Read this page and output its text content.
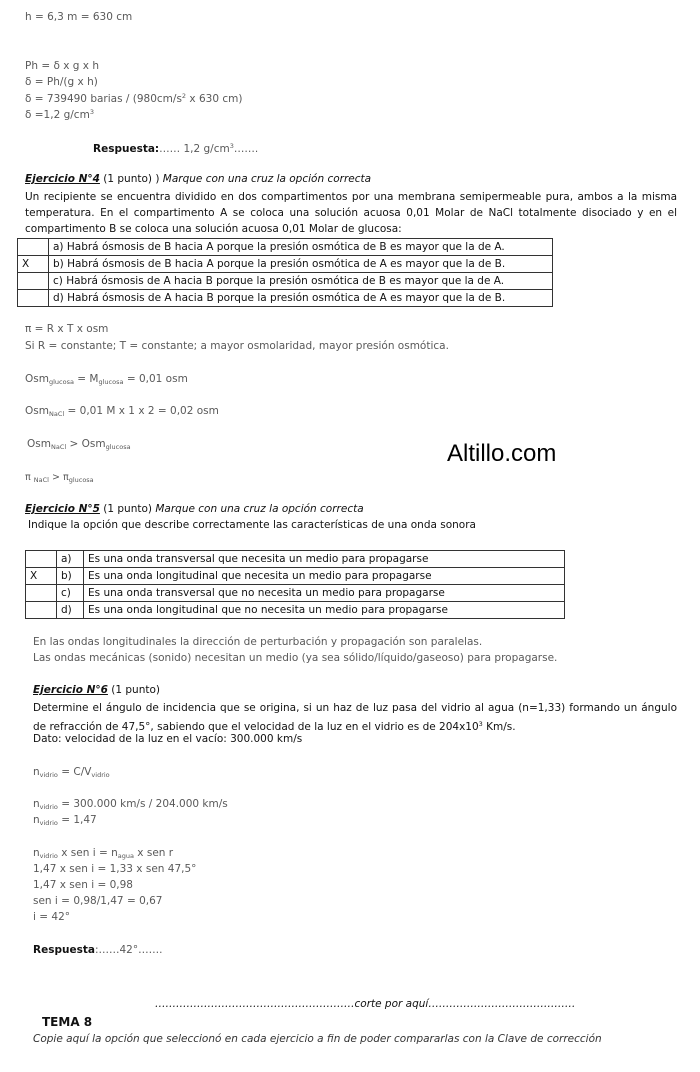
h = 6,3 m = 630 cm
Ph = δ x g x h
δ = Ph/(g x h)
δ = 739490 barias / ($980cm/s^2$ x 630 cm)
δ =1,2 $g/cm^3$
Respuesta:…… 1,2 $g/cm^3\dots\dots$.
Ejercicio N°4 (1 punto) ) Marque con una cruz la opción correcta
Un recipiente se encuentra dividido en dos compartimentos por una membrana semipermeable pura, ambos a la misma temperatura. En el compartimento A se coloca una solución acuosa 0,01 Molar de NaCl totalmente disociado y en el compartimento B se coloca una solución acuosa 0,01 Molar de glucosa:
	a) Habrá ósmosis de B hacia A porque la presión osmótica de B es mayor que la de A.
X	b) Habrá ósmosis de B hacia A porque la presión osmótica de A es mayor que la de B.
	c) Habrá ósmosis de A hacia B porque la presión osmótica de B es mayor que la de A.
	d) Habrá ósmosis de A hacia B porque la presión osmótica de A es mayor que la de B.
π = R x T x osm
Si R = constante; T = constante; a mayor osmolaridad, mayor presión osmótica.
$Osm_{glucosa} = M_{glucosa} = 0,01$ osm
Osm$_{NaCl}$ = 0,01 M x 1 x 2 = 0,02 osm
Osm$_{NaCl}$ > Osm$_{glucosa}$
π $_{NaCl} > \pi_{glucosa}$
Altillo.com
Ejercicio N°5 (1 punto) Marque con una cruz la opción correcta
Indique la opción que describe correctamente las características de una onda sonora
	a)	Es una onda transversal que necesita un medio para propagarse
X	b)	Es una onda longitudinal que necesita un medio para propagarse
	c)	Es una onda transversal que no necesita un medio para propagarse
	d)	Es una onda longitudinal que no necesita un medio para propagarse
En las ondas longitudinales la dirección de perturbación y propagación son paralelas.
Las ondas mecánicas (sonido) necesitan un medio (ya sea sólido/líquido/gaseoso) para propagarse.
Ejercicio N°6 (1 punto)
Determine el ángulo de incidencia que se origina, si un haz de luz pasa del vidrio al agua (n=1,33) formando un ángulo de refracción de 47,5°, sabiendo que el velocidad de la luz en el vidrio es de $204x10^3$ Km/s.
Dato: velocidad de la luz en el vacío: 300.000 km/s
$n_{vidrio} = C/V_{vidrio}$
$n_{vidrio} = 300.000$ km/s / 204.000 km/s
$n_{vidrio} = 1,47$
$n_{vidrio}$ x sen $i = n_{agua}$ x sen r
1,47 x sen i = 1,33 x sen 47,5°
1,47 x sen i = 0,98
sen i = 0,98/1,47 = 0,67
i = 42°
Respuesta:……42°…….
…………………………………………………corte por aquí……………………………………
TEMA 8
Copie aquí la opción que seleccionó en cada ejercicio a fin de poder compararlas con la Clave de corrección
